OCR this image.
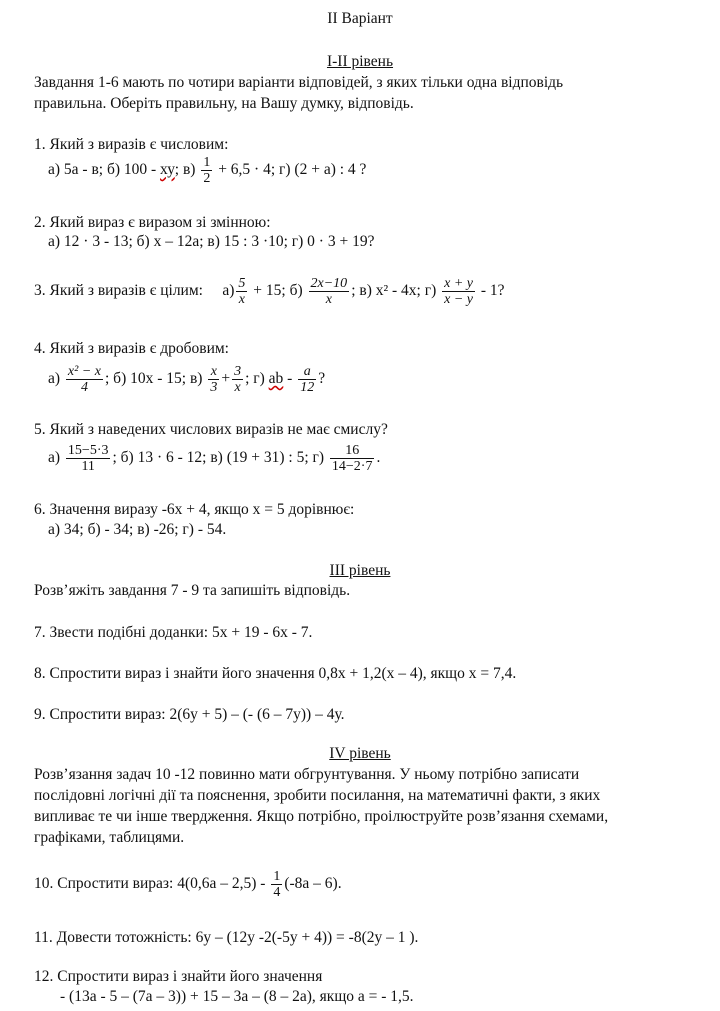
II Варіант
I-II рівень
Завдання 1-6 мають по чотири варіанти відповідей, з яких тільки одна відповідь
правильна. Оберіть правильну, на Вашу думку, відповідь.
1. Який з виразів є числовим:
а) 5а - в; б) 100 - ху; $в) \frac{1}{2} + 6,5 \cdot 4$; г) (2 + а) : 4 ?
2. Який вираз є виразом зі змінною:
а) 12 · 3 - 13; б) х – 12а; в) 15 : 3 ·10; г) 0 · 3 + 19?
3. Який з виразів є цілим: $а) \frac{5}{x} + 15$; $б) \frac{2x-10}{x}$ ; в) x² - 4x; $г) \frac{x + y}{x - y} - 1$?
4. Який з виразів є дробовим:
$а) \frac{\text{x² − x}}{4}$ ; б) 10х - 15; $в) \frac{x}{3} + \frac{3}{x}$ ; г) ab - $\frac{a}{12}$ ?
5. Який з наведених числових виразів не має смислу?
$а) \frac{15-5\cdot 3}{11}$ ; б) 13 · 6 - 12; в) (19 + 31) : 5; $г) \frac{16}{14-2\cdot 7}$ .
6. Значення виразу -6х + 4, якщо х = 5 дорівнює:
а) 34; б) - 34; в) -26; г) - 54.
III рівень
Розв’яжіть завдання 7 - 9 та запишіть відповідь.
7. Звести подібні доданки: 5х + 19 - 6х - 7.
8. Спростити вираз і знайти його значення 0,8х + 1,2(х – 4), якщо х = 7,4.
9. Спростити вираз: 2(6у + 5) – (- (6 – 7у)) – 4у.
IV рівень
Розв’язання задач 10 -12 повинно мати обгрунтування. У ньому потрібно записати
послідовні логічні дії та пояснення, зробити посилання, на математичні факти, з яких
випливає те чи інше твердження. Якщо потрібно, проілюструйте розв’язання схемами,
графіками, таблицями.
10. Спростити вираз: $4(0,6а - 2,5) - \frac{1}{4} (-8а - 6)$.
11. Довести тотожність: 6у – (12у -2(-5у + 4)) = -8(2у – 1 ).
12. Спростити вираз і знайти його значення
- (13а - 5 – (7а – 3)) + 15 – 3а – (8 – 2а), якщо а = - 1,5.
